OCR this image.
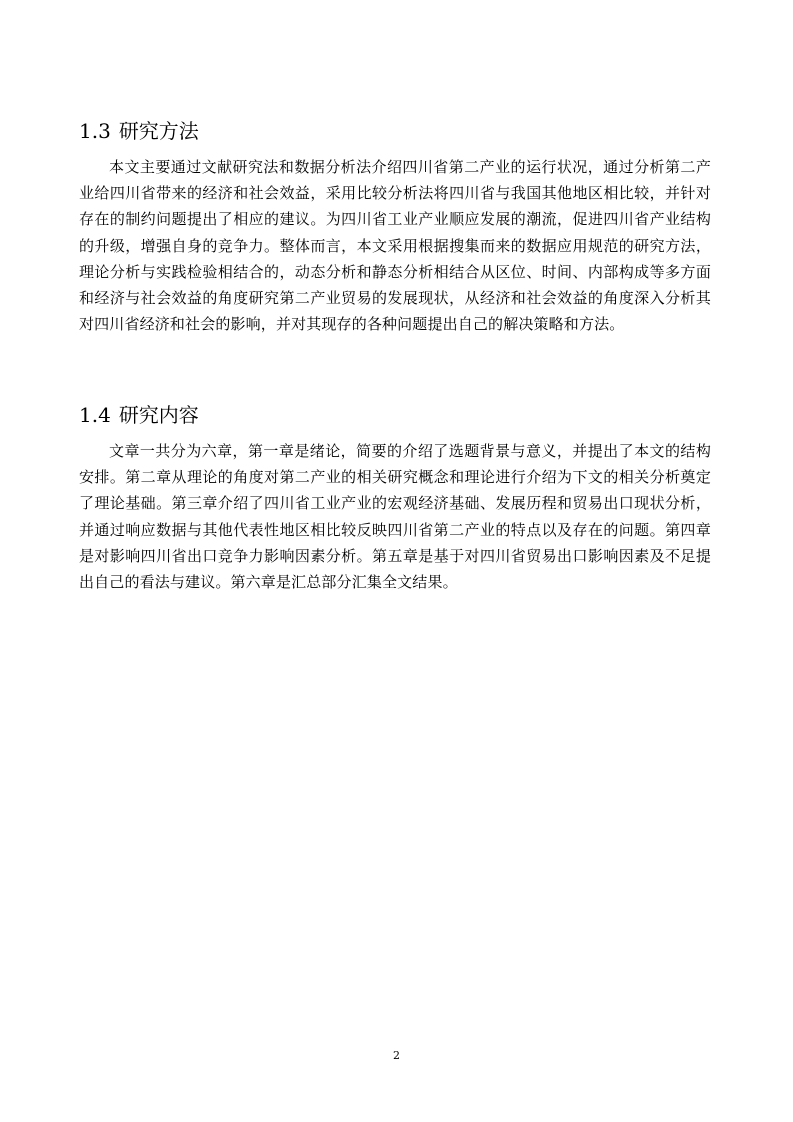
1.3 研究方法

本文主要通过文献研究法和数据分析法介绍四川省第二产业的运行状况，通过分析第二产业给四川省带来的经济和社会效益，采用比较分析法将四川省与我国其他地区相比较，并针对存在的制约问题提出了相应的建议。为四川省工业产业顺应发展的潮流，促进四川省产业结构的升级，增强自身的竞争力。整体而言，本文采用根据搜集而来的数据应用规范的研究方法，理论分析与实践检验相结合的，动态分析和静态分析相结合从区位、时间、内部构成等多方面和经济与社会效益的角度研究第二产业贸易的发展现状，从经济和社会效益的角度深入分析其对四川省经济和社会的影响，并对其现存的各种问题提出自己的解决策略和方法。

1.4 研究内容

文章一共分为六章，第一章是绪论，简要的介绍了选题背景与意义，并提出了本文的结构安排。第二章从理论的角度对第二产业的相关研究概念和理论进行介绍为下文的相关分析奠定了理论基础。第三章介绍了四川省工业产业的宏观经济基础、发展历程和贸易出口现状分析，并通过响应数据与其他代表性地区相比较反映四川省第二产业的特点以及存在的问题。第四章是对影响四川省出口竞争力影响因素分析。第五章是基于对四川省贸易出口影响因素及不足提出自己的看法与建议。第六章是汇总部分汇集全文结果。

2
